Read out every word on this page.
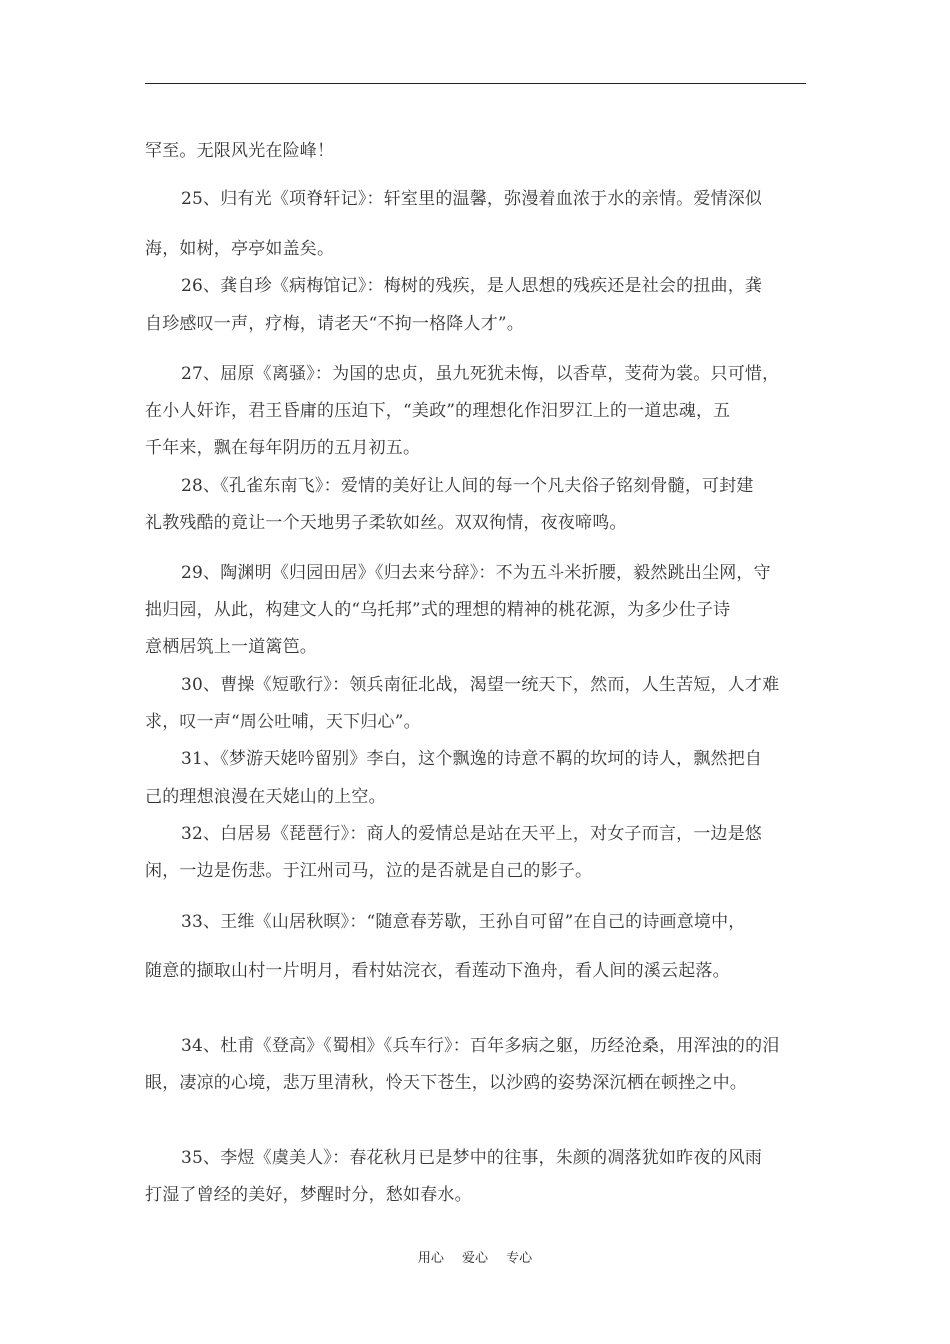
罕至。无限风光在险峰！
25、归有光《项脊轩记》：轩室里的温馨，弥漫着血浓于水的亲情。爱情深似
海，如树，亭亭如盖矣。
26、龚自珍《病梅馆记》：梅树的残疾，是人思想的残疾还是社会的扭曲，龚
自珍感叹一声，疗梅，请老天“不拘一格降人才”。
27、屈原《离骚》：为国的忠贞，虽九死犹未悔，以香草，芰荷为裳。只可惜，
在小人奸诈，君王昏庸的压迫下，“美政”的理想化作汨罗江上的一道忠魂，五
千年来，飘在每年阴历的五月初五。
28、《孔雀东南飞》：爱情的美好让人间的每一个凡夫俗子铭刻骨髓，可封建
礼教残酷的竟让一个天地男子柔软如丝。双双徇情，夜夜啼鸣。
29、陶渊明《归园田居》《归去来兮辞》：不为五斗米折腰，毅然跳出尘网，守
拙归园，从此，构建文人的“乌托邦”式的理想的精神的桃花源，为多少仕子诗
意栖居筑上一道篱笆。
30、曹操《短歌行》：领兵南征北战，渴望一统天下，然而，人生苦短，人才难
求，叹一声“周公吐哺，天下归心”。
31、《梦游天姥吟留别》李白，这个飘逸的诗意不羁的坎坷的诗人，飘然把自
己的理想浪漫在天姥山的上空。
32、白居易《琵琶行》：商人的爱情总是站在天平上，对女子而言，一边是悠
闲，一边是伤悲。于江州司马，泣的是否就是自己的影子。
33、王维《山居秋暝》：“随意春芳歇，王孙自可留”在自己的诗画意境中，
随意的撷取山村一片明月，看村姑浣衣，看莲动下渔舟，看人间的溪云起落。
34、杜甫《登高》《蜀相》《兵车行》：百年多病之躯，历经沧桑，用浑浊的的泪
眼，凄凉的心境，悲万里清秋，怜天下苍生，以沙鸥的姿势深沉栖在顿挫之中。
35、李煜《虞美人》：春花秋月已是梦中的往事，朱颜的凋落犹如昨夜的风雨
打湿了曾经的美好，梦醒时分，愁如春水。
用心 爱心 专心
